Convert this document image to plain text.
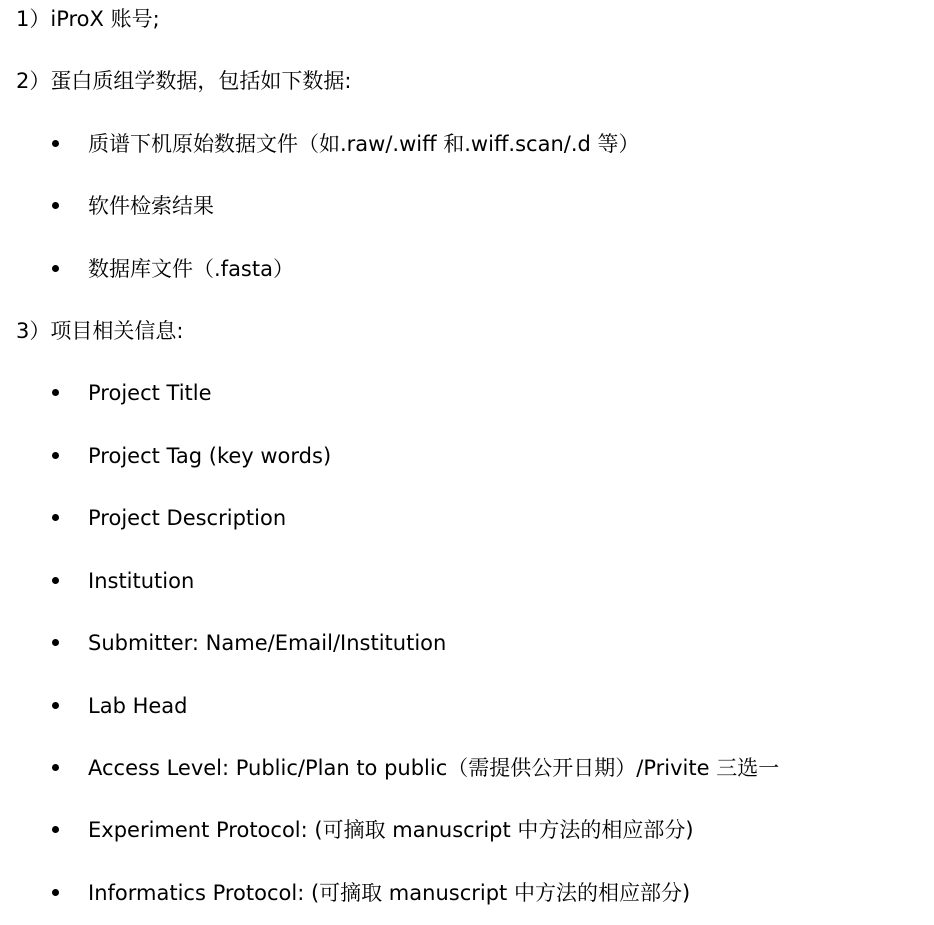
1）iProX 账号;
2）蛋白质组学数据，包括如下数据:
质谱下机原始数据文件（如.raw/.wiff 和.wiff.scan/.d 等）
软件检索结果
数据库文件（.fasta）
3）项目相关信息:
Project Title
Project Tag (key words)
Project Description
Institution
Submitter: Name/Email/Institution
Lab Head
Access Level: Public/Plan to public（需提供公开日期）/Privite 三选一
Experiment Protocol: (可摘取 manuscript 中方法的相应部分)
Informatics Protocol: (可摘取 manuscript 中方法的相应部分)
